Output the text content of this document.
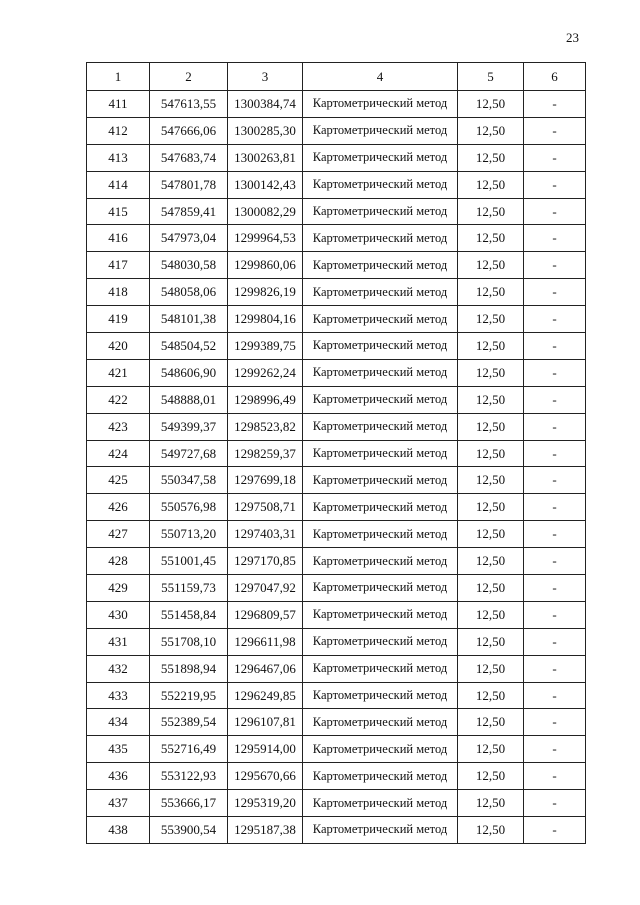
23
1	2	3	4	5	6
411	547613,55	1300384,74	Картометрический метод	12,50	-
412	547666,06	1300285,30	Картометрический метод	12,50	-
413	547683,74	1300263,81	Картометрический метод	12,50	-
414	547801,78	1300142,43	Картометрический метод	12,50	-
415	547859,41	1300082,29	Картометрический метод	12,50	-
416	547973,04	1299964,53	Картометрический метод	12,50	-
417	548030,58	1299860,06	Картометрический метод	12,50	-
418	548058,06	1299826,19	Картометрический метод	12,50	-
419	548101,38	1299804,16	Картометрический метод	12,50	-
420	548504,52	1299389,75	Картометрический метод	12,50	-
421	548606,90	1299262,24	Картометрический метод	12,50	-
422	548888,01	1298996,49	Картометрический метод	12,50	-
423	549399,37	1298523,82	Картометрический метод	12,50	-
424	549727,68	1298259,37	Картометрический метод	12,50	-
425	550347,58	1297699,18	Картометрический метод	12,50	-
426	550576,98	1297508,71	Картометрический метод	12,50	-
427	550713,20	1297403,31	Картометрический метод	12,50	-
428	551001,45	1297170,85	Картометрический метод	12,50	-
429	551159,73	1297047,92	Картометрический метод	12,50	-
430	551458,84	1296809,57	Картометрический метод	12,50	-
431	551708,10	1296611,98	Картометрический метод	12,50	-
432	551898,94	1296467,06	Картометрический метод	12,50	-
433	552219,95	1296249,85	Картометрический метод	12,50	-
434	552389,54	1296107,81	Картометрический метод	12,50	-
435	552716,49	1295914,00	Картометрический метод	12,50	-
436	553122,93	1295670,66	Картометрический метод	12,50	-
437	553666,17	1295319,20	Картометрический метод	12,50	-
438	553900,54	1295187,38	Картометрический метод	12,50	-
